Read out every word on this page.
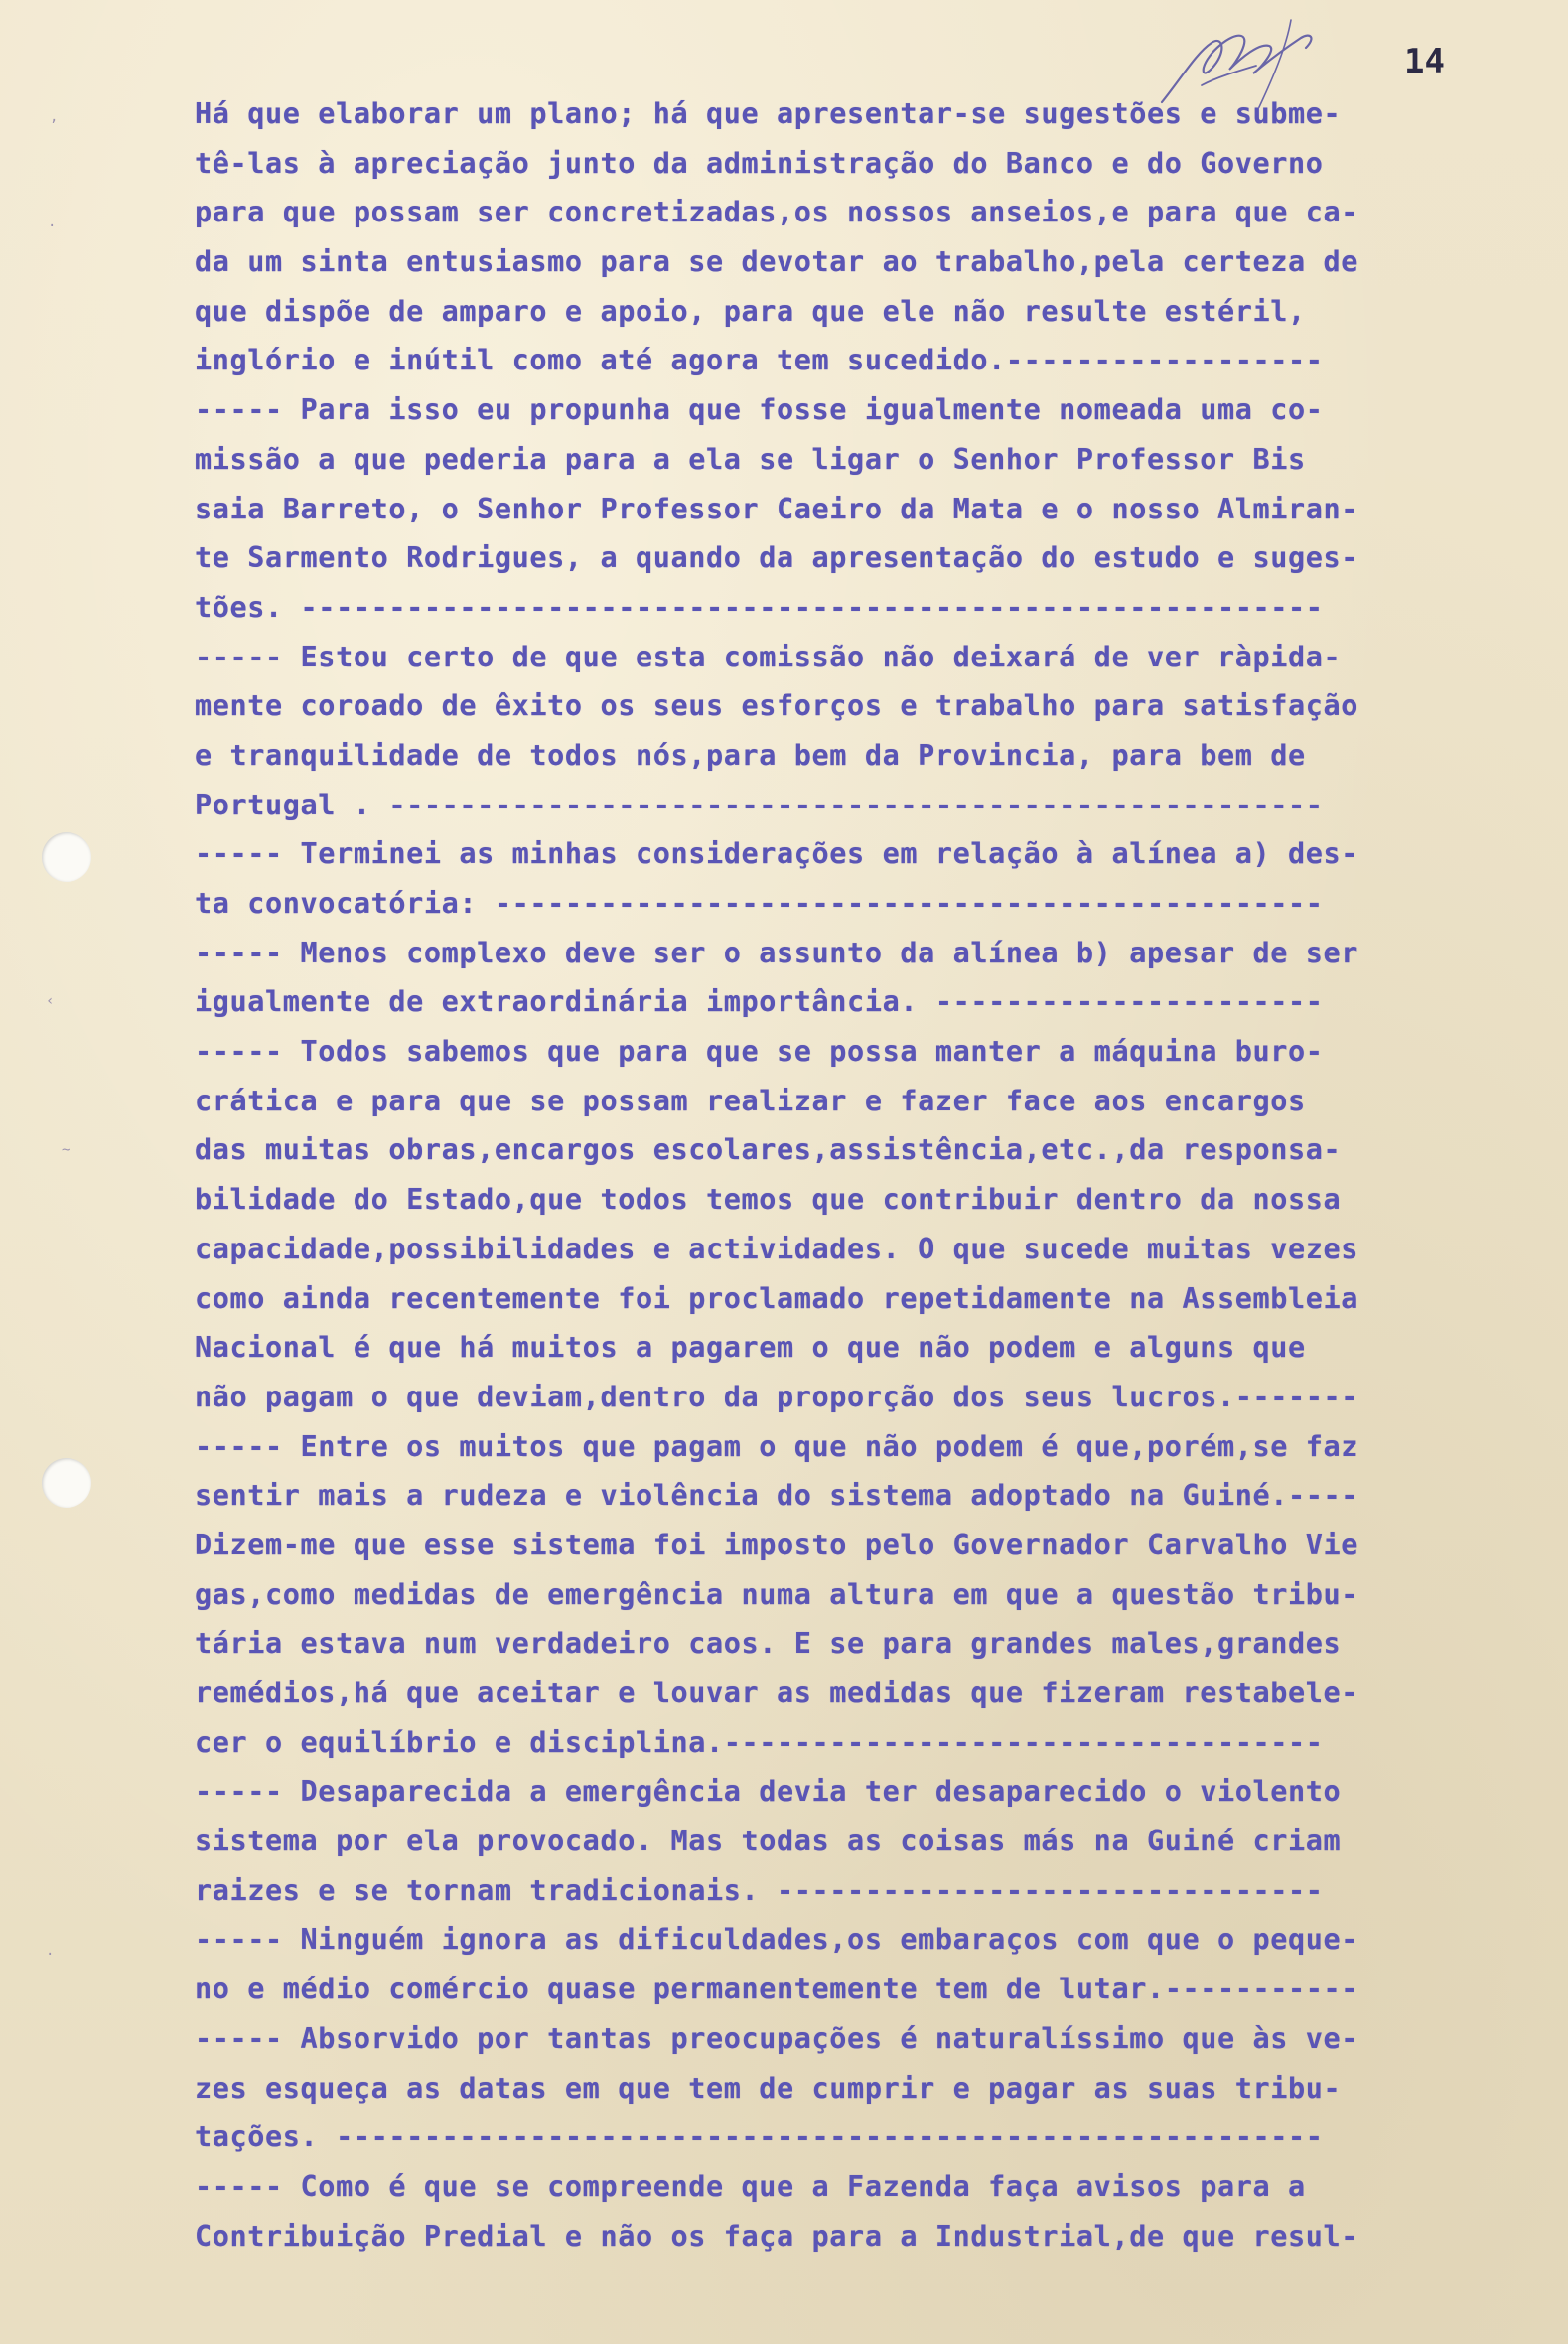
,
·
‹
~
·
14
Há que elaborar um plano; há que apresentar-se sugestões e subme-
tê-las à apreciação junto da administração do Banco e do Governo
para que possam ser concretizadas,os nossos anseios,e para que ca-
da um sinta entusiasmo para se devotar ao trabalho,pela certeza de
que dispõe de amparo e apoio, para que ele não resulte estéril,
inglório e inútil como até agora tem sucedido.------------------
----- Para isso eu propunha que fosse igualmente nomeada uma co-
missão a que pederia para a ela se ligar o Senhor Professor Bis
saia Barreto, o Senhor Professor Caeiro da Mata e o nosso Almiran-
te Sarmento Rodrigues, a quando da apresentação do estudo e suges-
tões. ----------------------------------------------------------
----- Estou certo de que esta comissão não deixará de ver ràpida-
mente coroado de êxito os seus esforços e trabalho para satisfação
e tranquilidade de todos nós,para bem da Provincia, para bem de
Portugal . -----------------------------------------------------
----- Terminei as minhas considerações em relação à alínea a) des-
ta convocatória: -----------------------------------------------
----- Menos complexo deve ser o assunto da alínea b) apesar de ser
igualmente de extraordinária importância. ----------------------
----- Todos sabemos que para que se possa manter a máquina buro-
crática e para que se possam realizar e fazer face aos encargos
das muitas obras,encargos escolares,assistência,etc.,da responsa-
bilidade do Estado,que todos temos que contribuir dentro da nossa
capacidade,possibilidades e actividades. O que sucede muitas vezes
como ainda recentemente foi proclamado repetidamente na Assembleia
Nacional é que há muitos a pagarem o que não podem e alguns que
não pagam o que deviam,dentro da proporção dos seus lucros.-------
----- Entre os muitos que pagam o que não podem é que,porém,se faz
sentir mais a rudeza e violência do sistema adoptado na Guiné.----
Dizem-me que esse sistema foi imposto pelo Governador Carvalho Vie
gas,como medidas de emergência numa altura em que a questão tribu-
tária estava num verdadeiro caos. E se para grandes males,grandes
remédios,há que aceitar e louvar as medidas que fizeram restabele-
cer o equilíbrio e disciplina.----------------------------------
----- Desaparecida a emergência devia ter desaparecido o violento
sistema por ela provocado. Mas todas as coisas más na Guiné criam
raizes e se tornam tradicionais. -------------------------------
----- Ninguém ignora as dificuldades,os embaraços com que o peque-
no e médio comércio quase permanentemente tem de lutar.-----------
----- Absorvido por tantas preocupações é naturalíssimo que às ve-
zes esqueça as datas em que tem de cumprir e pagar as suas tribu-
tações. --------------------------------------------------------
----- Como é que se compreende que a Fazenda faça avisos para a
Contribuição Predial e não os faça para a Industrial,de que resul-
